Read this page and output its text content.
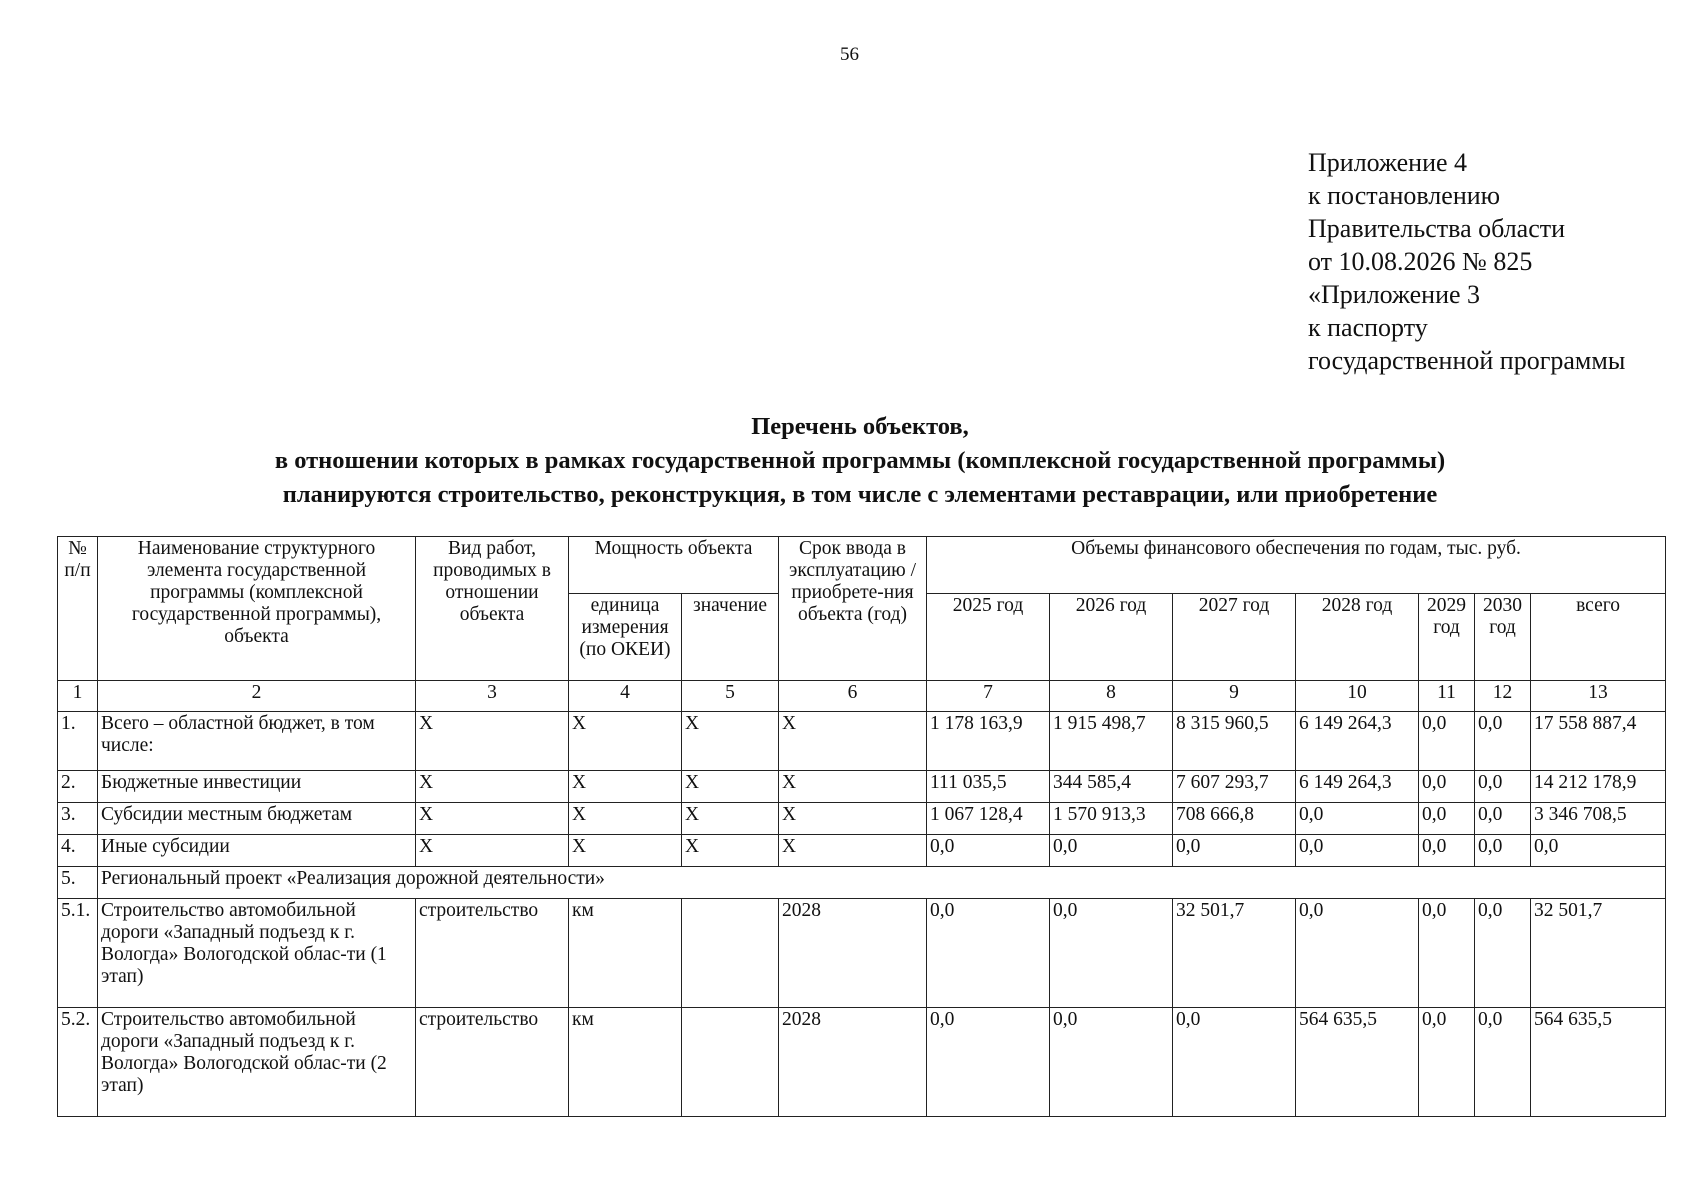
56
Приложение 4
к постановлению
Правительства области
от 10.08.2026 № 825
«Приложение 3
к паспорту
государственной программы
Перечень объектов,
в отношении которых в рамках государственной программы (комплексной государственной программы)
планируются строительство, реконструкция, в том числе с элементами реставрации, или приобретение
№ п/п	Наименование структурного элемента государственной программы (комплексной государственной программы), объекта	Вид работ, проводимых в отношении объекта	Мощность объекта		Срок ввода в эксплуатацию / приобрете-ния объекта (год)	Объемы финансового обеспечения по годам, тыс. руб.						
			единица измерения (по ОКЕИ)	значение		2025 год	2026 год	2027 год	2028 год	2029 год	2030 год	всего
1	2	3	4	5	6	7	8	9	10	11	12	13
1.	Всего – областной бюджет, в том числе:	X	X	X	X	1 178 163,9	1 915 498,7	8 315 960,5	6 149 264,3	0,0	0,0	17 558 887,4
2.	Бюджетные инвестиции	X	X	X	X	111 035,5	344 585,4	7 607 293,7	6 149 264,3	0,0	0,0	14 212 178,9
3.	Субсидии местным бюджетам	X	X	X	X	1 067 128,4	1 570 913,3	708 666,8	0,0	0,0	0,0	3 346 708,5
4.	Иные субсидии	X	X	X	X	0,0	0,0	0,0	0,0	0,0	0,0	0,0
5.	Региональный проект «Реализация дорожной деятельности»											
5.1.	Строительство автомобильной дороги «Западный подъезд к г. Вологда» Вологодской облас-ти (1 этап)	строительство	км		2028	0,0	0,0	32 501,7	0,0	0,0	0,0	32 501,7
5.2.	Строительство автомобильной дороги «Западный подъезд к г. Вологда» Вологодской облас-ти (2 этап)	строительство	км		2028	0,0	0,0	0,0	564 635,5	0,0	0,0	564 635,5
